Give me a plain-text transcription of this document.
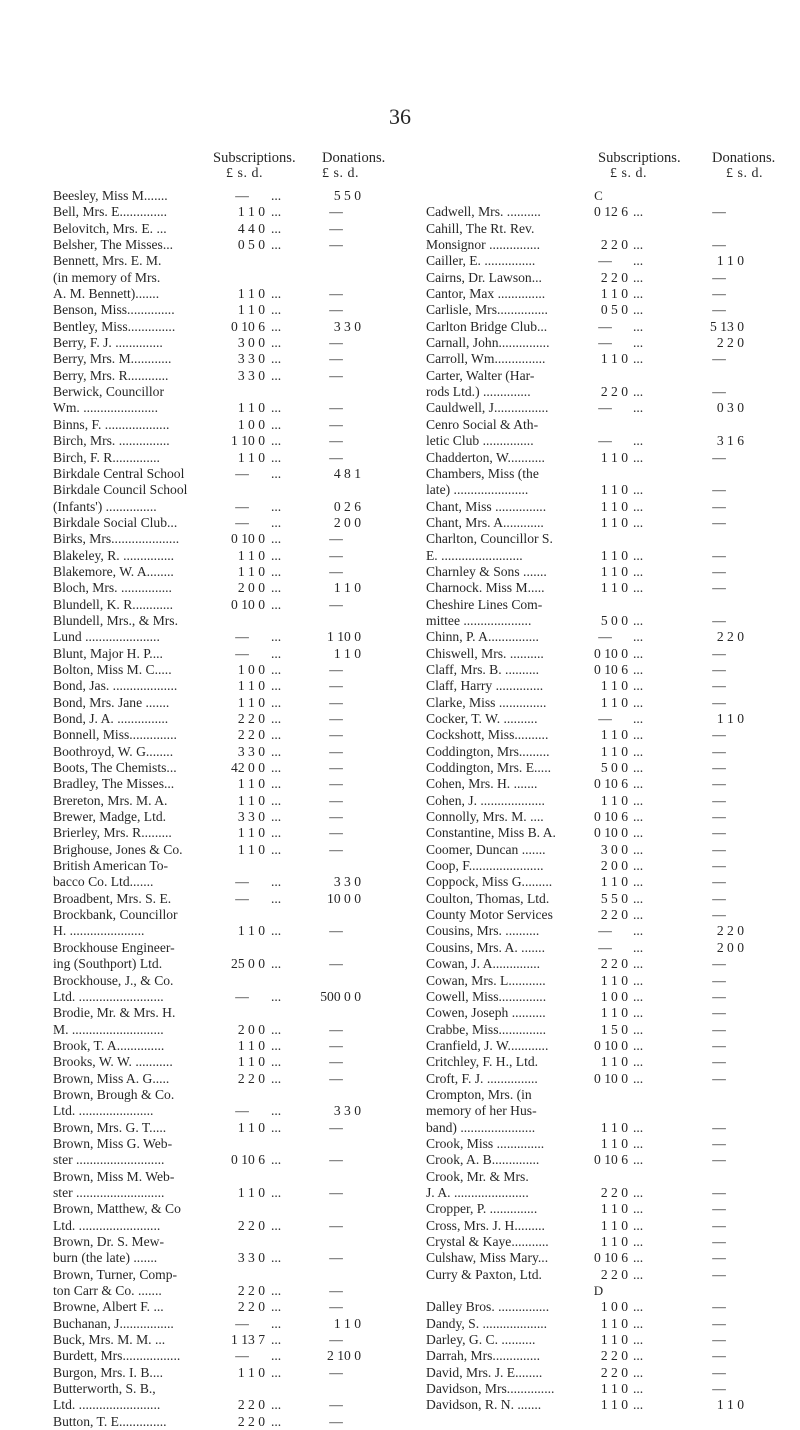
36
Subscriptions. Donations.	Subscriptions. Donations.
£ s. d.	£ s. d.	£ s. d.	£ s. d.
Beesley, Miss M.......	—	...	5 5 0
Bell, Mrs. E..............	1 1 0 ...	—
Belovitch, Mrs. E. ...	4 4 0 ...	—
Belsher, The Misses...	0 5 0 ...	—
Bennett, Mrs. E. M.
(in memory of Mrs.
A. M. Bennett).......	1 1 0 ...	—
Benson, Miss..............	1 1 0 ...	—
Bentley, Miss..............	0 10 6 ...	3 3 0
Berry, F. J. ..............	3 0 0 ...	—
Berry, Mrs. M............	3 3 0 ...	—
Berry, Mrs. R............	3 3 0 ...	—
Berwick, Councillor
Wm. ......................	1 1 0 ...	—
Binns, F. ...................	1 0 0 ...	—
Birch, Mrs. ...............	1 10 0 ...	—
Birch, F. R..............	1 1 0 ...	—
Birkdale Central School	—	...	4 8 1
Birkdale Council School
(Infants') ...............	—	...	0 2 6
Birkdale Social Club...	—	...	2 0 0
Birks, Mrs....................	0 10 0 ...	—
Blakeley, R. ...............	1 1 0 ...	—
Blakemore, W. A........	1 1 0 ...	—
Bloch, Mrs. ...............	2 0 0 ...	1 1 0
Blundell, K. R............	0 10 0 ...	—
Blundell, Mrs., & Mrs.
Lund ......................	—	...	1 10 0
Blunt, Major H. P....	—	...	1 1 0
Bolton, Miss M. C.....	1 0 0 ...	—
Bond, Jas. ...................	1 1 0 ...	—
Bond, Mrs. Jane .......	1 1 0 ...	—
Bond, J. A. ...............	2 2 0 ...	—
Bonnell, Miss..............	2 2 0 ...	—
Boothroyd, W. G........	3 3 0 ...	—
Boots, The Chemists...	42 0 0 ...	—
Bradley, The Misses...	1 1 0 ...	—
Brereton, Mrs. M. A.	1 1 0 ...	—
Brewer, Madge, Ltd.	3 3 0 ...	—
Brierley, Mrs. R.........	1 1 0 ...	—
Brighouse, Jones & Co.	1 1 0 ...	—
British American To-
bacco Co. Ltd.......	—	...	3 3 0
Broadbent, Mrs. S. E.	—	...	10 0 0
Brockbank, Councillor
H. ......................	1 1 0 ...	—
Brockhouse Engineer-
ing (Southport) Ltd.	25 0 0 ...	—
Brockhouse, J., & Co.
Ltd. .........................	—	...	500 0 0
Brodie, Mr. & Mrs. H.
M. ...........................	2 0 0 ...	—
Brook, T. A..............	1 1 0 ...	—
Brooks, W. W. ...........	1 1 0 ...	—
Brown, Miss A. G.....	2 2 0 ...	—
Brown, Brough & Co.
Ltd. ......................	—	...	3 3 0
Brown, Mrs. G. T.....	1 1 0 ...	—
Brown, Miss G. Web-
ster ..........................	0 10 6 ...	—
Brown, Miss M. Web-
ster ..........................	1 1 0 ...	—
Brown, Matthew, & Co
Ltd. ........................	2 2 0 ...	—
Brown, Dr. S. Mew-
burn (the late) .......	3 3 0 ...	—
Brown, Turner, Comp-
ton Carr & Co. .......	2 2 0 ...	—
Browne, Albert F. ...	2 2 0 ...	—
Buchanan, J................	—	...	1 1 0
Buck, Mrs. M. M. ...	1 13 7 ...	—
Burdett, Mrs.................	—	...	2 10 0
Burgon, Mrs. I. B....	1 1 0 ...	—
Butterworth, S. B.,
Ltd. ........................	2 2 0 ...	—
Button, T. E..............	2 2 0 ...	—
C
Cadwell, Mrs. ..........	0 12 6 ...	—
Cahill, The Rt. Rev.
Monsignor ...............	2 2 0 ...	—
Cailler, E. ...............	—	...	1 1 0
Cairns, Dr. Lawson...	2 2 0 ...	—
Cantor, Max ..............	1 1 0 ...	—
Carlisle, Mrs...............	0 5 0 ...	—
Carlton Bridge Club...	—	...	5 13 0
Carnall, John...............	—	...	2 2 0
Carroll, Wm...............	1 1 0 ...	—
Carter, Walter (Har-
rods Ltd.) ..............	2 2 0 ...	—
Cauldwell, J................	—	...	0 3 0
Cenro Social & Ath-
letic Club ...............	—	...	3 1 6
Chadderton, W...........	1 1 0 ...	—
Chambers, Miss (the
late) ......................	1 1 0 ...	—
Chant, Miss ...............	1 1 0 ...	—
Chant, Mrs. A............	1 1 0 ...	—
Charlton, Councillor S.
E. ........................	1 1 0 ...	—
Charnley & Sons .......	1 1 0 ...	—
Charnock. Miss M.....	1 1 0 ...	—
Cheshire Lines Com-
mittee ....................	5 0 0 ...	—
Chinn, P. A...............	—	...	2 2 0
Chiswell, Mrs. ..........	0 10 0 ...	—
Claff, Mrs. B. ..........	0 10 6 ...	—
Claff, Harry ..............	1 1 0 ...	—
Clarke, Miss ..............	1 1 0 ...	—
Cocker, T. W. ..........	—	...	1 1 0
Cockshott, Miss..........	1 1 0 ...	—
Coddington, Mrs.........	1 1 0 ...	—
Coddington, Mrs. E.....	5 0 0 ...	—
Cohen, Mrs. H. .......	0 10 6 ...	—
Cohen, J. ...................	1 1 0 ...	—
Connolly, Mrs. M. ....	0 10 6 ...	—
Constantine, Miss B. A.	0 10 0 ...	—
Coomer, Duncan .......	3 0 0 ...	—
Coop, F......................	2 0 0 ...	—
Coppock, Miss G.........	1 1 0 ...	—
Coulton, Thomas, Ltd.	5 5 0 ...	—
County Motor Services	2 2 0 ...	—
Cousins, Mrs. ..........	—	...	2 2 0
Cousins, Mrs. A. .......	—	...	2 0 0
Cowan, J. A..............	2 2 0 ...	—
Cowan, Mrs. L...........	1 1 0 ...	—
Cowell, Miss..............	1 0 0 ...	—
Cowen, Joseph ..........	1 1 0 ...	—
Crabbe, Miss..............	1 5 0 ...	—
Cranfield, J. W............	0 10 0 ...	—
Critchley, F. H., Ltd.	1 1 0 ...	—
Croft, F. J. ...............	0 10 0 ...	—
Crompton, Mrs. (in
memory of her Hus-
band) ......................	1 1 0 ...	—
Crook, Miss ..............	1 1 0 ...	—
Crook, A. B..............	0 10 6 ...	—
Crook, Mr. & Mrs.
J. A. ......................	2 2 0 ...	—
Cropper, P. ..............	1 1 0 ...	—
Cross, Mrs. J. H.........	1 1 0 ...	—
Crystal & Kaye...........	1 1 0 ...	—
Culshaw, Miss Mary...	0 10 6 ...	—
Curry & Paxton, Ltd.	2 2 0 ...	—
D
Dalley Bros. ...............	1 0 0 ...	—
Dandy, S. ...................	1 1 0 ...	—
Darley, G. C. ..........	1 1 0 ...	—
Darrah, Mrs..............	2 2 0 ...	—
David, Mrs. J. E........	2 2 0 ...	—
Davidson, Mrs..............	1 1 0 ...	—
Davidson, R. N. .......	1 1 0 ...	1 1 0
